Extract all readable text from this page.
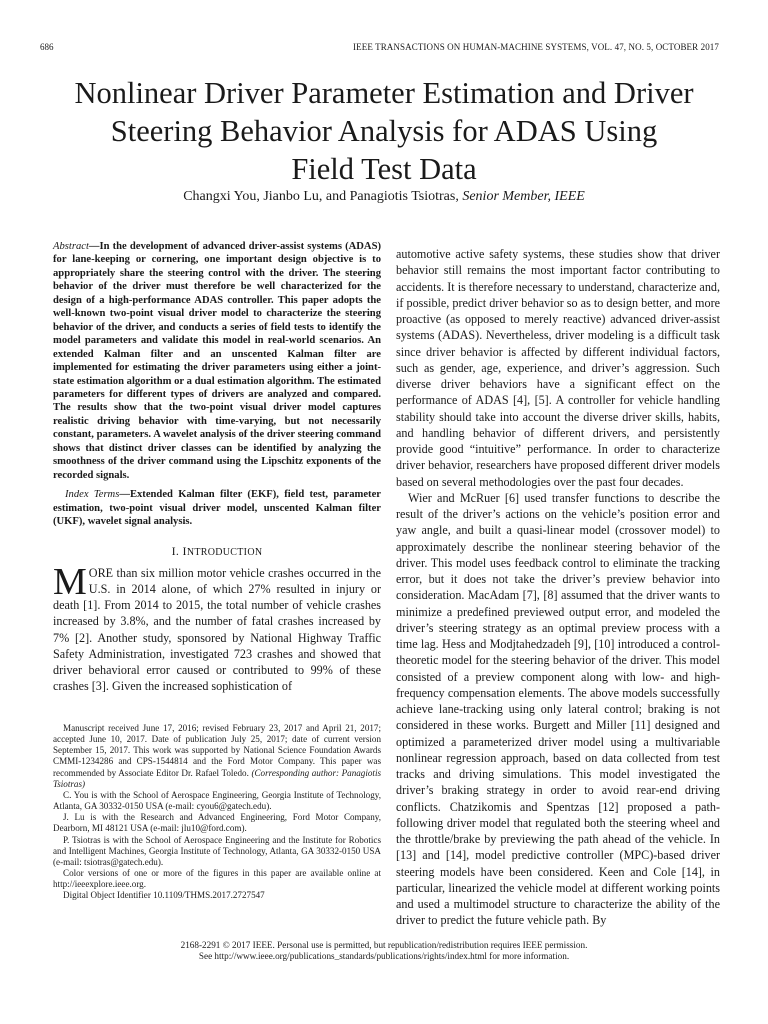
686	IEEE TRANSACTIONS ON HUMAN-MACHINE SYSTEMS, VOL. 47, NO. 5, OCTOBER 2017
Nonlinear Driver Parameter Estimation and Driver
Steering Behavior Analysis for ADAS Using
Field Test Data
Changxi You, Jianbo Lu, and Panagiotis Tsiotras, Senior Member, IEEE

Abstract—In the development of advanced driver-assist systems (ADAS) for lane-keeping or cornering, one important design objective is to appropriately share the steering control with the driver. The steering behavior of the driver must therefore be well characterized for the design of a high-performance ADAS controller. This paper adopts the well-known two-point visual driver model to characterize the steering behavior of the driver, and conducts a series of field tests to identify the model parameters and validate this model in real-world scenarios. An extended Kalman filter and an unscented Kalman filter are implemented for estimating the driver parameters using either a joint-state estimation algorithm or a dual estimation algorithm. The estimated parameters for different types of drivers are analyzed and compared. The results show that the two-point visual driver model captures realistic driving behavior with time-varying, but not necessarily constant, parameters. A wavelet analysis of the driver steering command shows that distinct driver classes can be identified by analyzing the smoothness of the driver command using the Lipschitz exponents of the recorded signals.

Index Terms—Extended Kalman filter (EKF), field test, parameter estimation, two-point visual driver model, unscented Kalman filter (UKF), wavelet signal analysis.

I. INTRODUCTION

MORE than six million motor vehicle crashes occurred in the U.S. in 2014 alone, of which 27% resulted in injury or death [1]. From 2014 to 2015, the total number of vehicle crashes increased by 3.8%, and the number of fatal crashes increased by 7% [2]. Another study, sponsored by National Highway Traffic Safety Administration, investigated 723 crashes and showed that driver behavioral error caused or contributed to 99% of these crashes [3]. Given the increased sophistication of

Manuscript received June 17, 2016; revised February 23, 2017 and April 21, 2017; accepted June 10, 2017. Date of publication July 25, 2017; date of current version September 15, 2017. This work was supported by National Science Foundation Awards CMMI-1234286 and CPS-1544814 and the Ford Motor Company. This paper was recommended by Associate Editor Dr. Rafael Toledo. (Corresponding author: Panagiotis Tsiotras)

C. You is with the School of Aerospace Engineering, Georgia Institute of Technology, Atlanta, GA 30332-0150 USA (e-mail: cyou6@gatech.edu).

J. Lu is with the Research and Advanced Engineering, Ford Motor Company, Dearborn, MI 48121 USA (e-mail: jlu10@ford.com).

P. Tsiotras is with the School of Aerospace Engineering and the Institute for Robotics and Intelligent Machines, Georgia Institute of Technology, Atlanta, GA 30332-0150 USA (e-mail: tsiotras@gatech.edu).

Color versions of one or more of the figures in this paper are available online at http://ieeexplore.ieee.org.

Digital Object Identifier 10.1109/THMS.2017.2727547

automotive active safety systems, these studies show that driver behavior still remains the most important factor contributing to accidents. It is therefore necessary to understand, characterize and, if possible, predict driver behavior so as to design better, and more proactive (as opposed to merely reactive) advanced driver-assist systems (ADAS). Nevertheless, driver modeling is a difficult task since driver behavior is affected by different individual factors, such as gender, age, experience, and driver’s aggression. Such diverse driver behaviors have a significant effect on the performance of ADAS [4], [5]. A controller for vehicle handling stability should take into account the diverse driver skills, habits, and handling behavior of different drivers, and persistently provide good “intuitive” performance. In order to characterize driver behavior, researchers have proposed different driver models based on several methodologies over the past four decades.

Wier and McRuer [6] used transfer functions to describe the result of the driver’s actions on the vehicle’s position error and yaw angle, and built a quasi-linear model (crossover model) to approximately describe the nonlinear steering behavior of the driver. This model uses feedback control to eliminate the tracking error, but it does not take the driver’s preview behavior into consideration. MacAdam [7], [8] assumed that the driver wants to minimize a predefined previewed output error, and modeled the driver’s steering strategy as an optimal preview process with a time lag. Hess and Modjtahedzadeh [9], [10] introduced a control-theoretic model for the steering behavior of the driver. This model consisted of a preview component along with low- and high-frequency compensation elements. The above models successfully achieve lane-tracking using only lateral control; braking is not considered in these works. Burgett and Miller [11] designed and optimized a parameterized driver model using a multivariable nonlinear regression approach, based on data collected from test tracks and driving simulations. This model investigated the driver’s braking strategy in order to avoid rear-end driving conflicts. Chatzikomis and Spentzas [12] proposed a path-following driver model that regulated both the steering wheel and the throttle/brake by previewing the path ahead of the vehicle. In [13] and [14], model predictive controller (MPC)-based driver steering models have been considered. Keen and Cole [14], in particular, linearized the vehicle model at different working points and used a multimodel structure to characterize the ability of the driver to predict the future vehicle path. By

2168-2291 © 2017 IEEE. Personal use is permitted, but republication/redistribution requires IEEE permission.
See http://www.ieee.org/publications_standards/publications/rights/index.html for more information.
